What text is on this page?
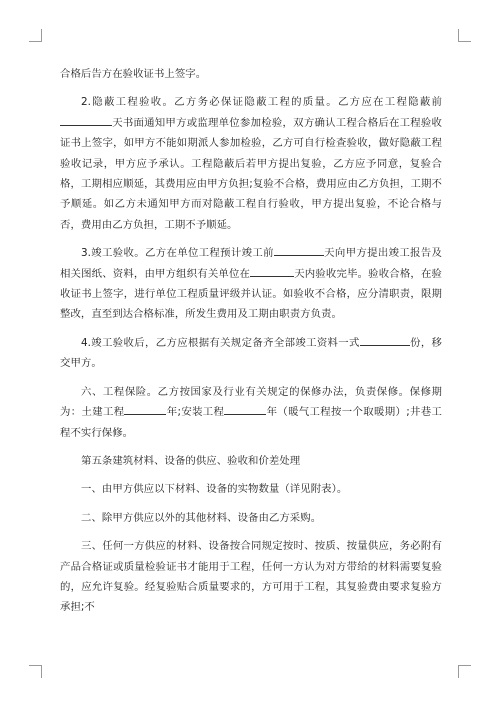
合格后告方在验收证书上签字。

2.隐蔽工程验收。乙方务必保证隐蔽工程的质量。乙方应在工程隐蔽前天书面通知甲方或监理单位参加检验，双方确认工程合格后在工程验收证书上签字，如甲方不能如期派人参加检验，乙方可自行检查验收，做好隐蔽工程验收记录，甲方应予承认。工程隐蔽后若甲方提出复验，乙方应予同意，复验合格，工期相应顺延，其费用应由甲方负担;复验不合格，费用应由乙方负担，工期不予顺延。如乙方未通知甲方而对隐蔽工程自行验收，甲方提出复验，不论合格与否，费用由乙方负担，工期不予顺延。

3.竣工验收。乙方在单位工程预计竣工前	天向甲方提出竣工报告及相关图纸、资料，由甲方组织有关单位在	天内验收完毕。验收合格，在验收证书上签字，进行单位工程质量评级并认证。如验收不合格，应分清职责，限期整改，直至到达合格标准，所发生费用及工期由职责方负责。

4.竣工验收后，乙方应根据有关规定备齐全部竣工资料一式	份，移交甲方。

六、工程保险。乙方按国家及行业有关规定的保修办法，负责保修。保修期为：土建工程	年;安装工程	年（暖气工程按一个取暖期）;井巷工程不实行保修。

第五条建筑材料、设备的供应、验收和价差处理

一、由甲方供应以下材料、设备的实物数量（详见附表）。

二、除甲方供应以外的其他材料、设备由乙方采购。

三、任何一方供应的材料、设备按合同规定按时、按质、按量供应，务必附有产品合格证或质量检验证书才能用于工程，任何一方认为对方带给的材料需要复验的，应允许复验。经复验贴合质量要求的，方可用于工程，其复验费由要求复验方承担;不
